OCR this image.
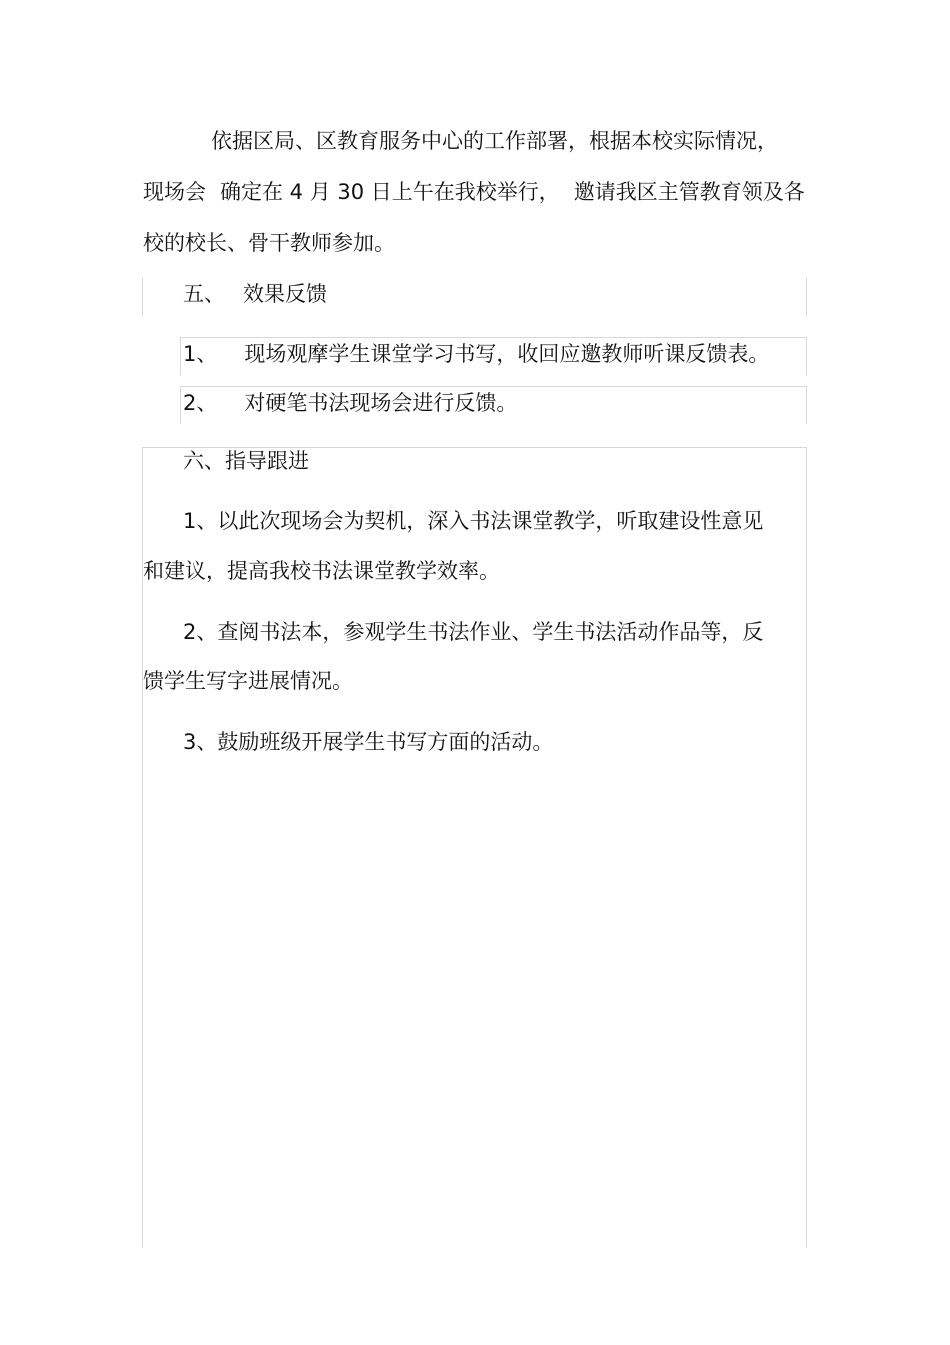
依据区局、区教育服务中心的工作部署，根据本校实际情况，
现场会 确定在 4 月 30 日上午在我校举行， 邀请我区主管教育领及各
校的校长、骨干教师参加。
五、 效果反馈
1、 现场观摩学生课堂学习书写，收回应邀教师听课反馈表。
2、 对硬笔书法现场会进行反馈。
六、指导跟进
1、以此次现场会为契机，深入书法课堂教学，听取建设性意见
和建议，提高我校书法课堂教学效率。
2、查阅书法本，参观学生书法作业、学生书法活动作品等，反
馈学生写字进展情况。
3、鼓励班级开展学生书写方面的活动。
